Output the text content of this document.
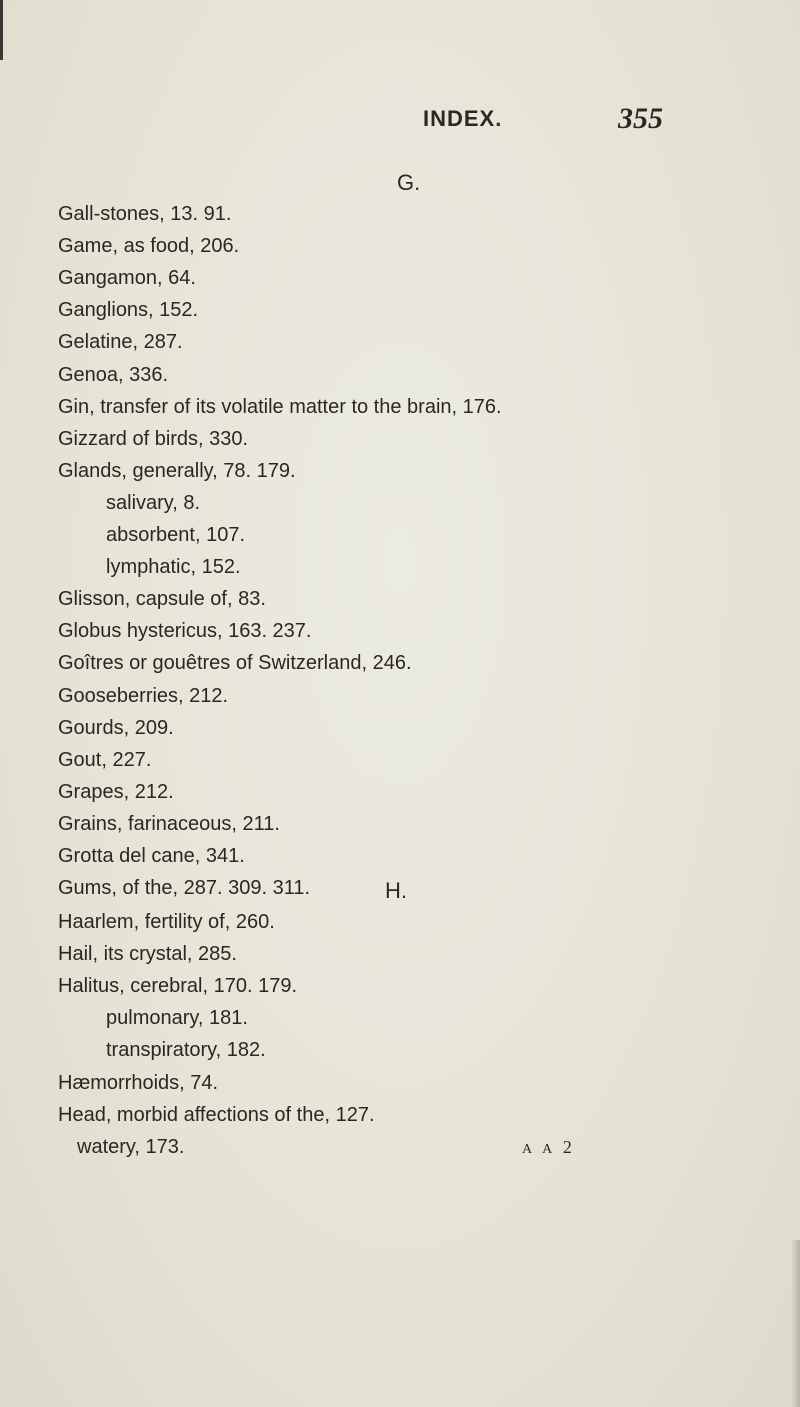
INDEX.	355
G.
Gall-stones, 13. 91.
Game, as food, 206.
Gangamon, 64.
Ganglions, 152.
Gelatine, 287.
Genoa, 336.
Gin, transfer of its volatile matter to the brain, 176.
Gizzard of birds, 330.
Glands, generally, 78. 179.
salivary, 8.
absorbent, 107.
lymphatic, 152.
Glisson, capsule of, 83.
Globus hystericus, 163. 237.
Goîtres or gouêtres of Switzerland, 246.
Gooseberries, 212.
Gourds, 209.
Gout, 227.
Grapes, 212.
Grains, farinaceous, 211.
Grotta del cane, 341.
Gums, of the, 287. 309. 311.	H.
Haarlem, fertility of, 260.
Hail, its crystal, 285.
Halitus, cerebral, 170. 179.
pulmonary, 181.
transpiratory, 182.
Hæmorrhoids, 74.
Head, morbid affections of the, 127.
watery, 173.	A A 2
